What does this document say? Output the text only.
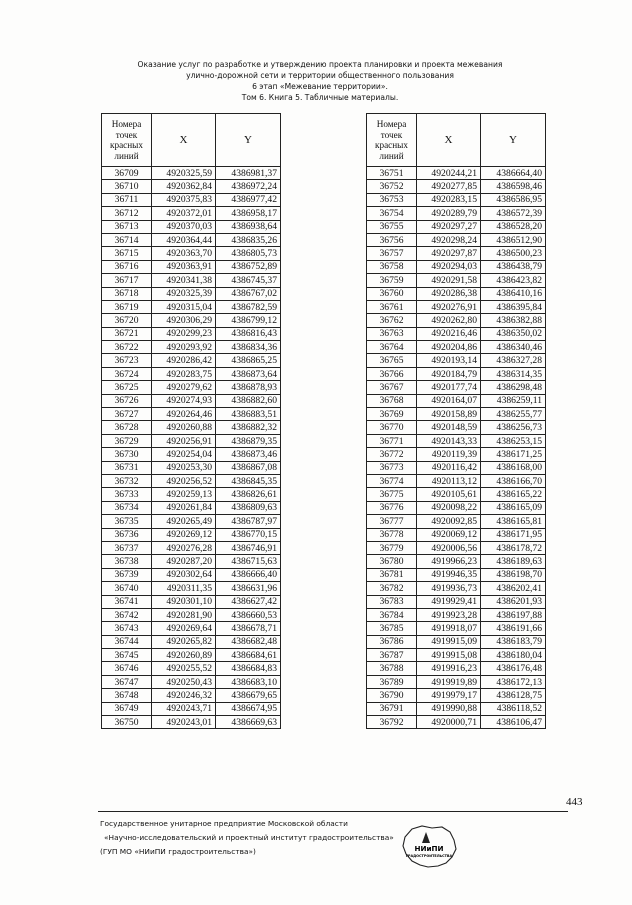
Оказание услуг по разработке и утверждению проекта планировки и проекта межевания
улично-дорожной сети и территории общественного пользования
6 этап «Межевание территории».
Том 6. Книга 5. Табличные материалы.
Номера
точек
красных
линий	X	Y
36709	4920325,59	4386981,37
36710	4920362,84	4386972,24
36711	4920375,83	4386977,42
36712	4920372,01	4386958,17
36713	4920370,03	4386938,64
36714	4920364,44	4386835,26
36715	4920363,70	4386805,73
36716	4920363,91	4386752,89
36717	4920341,38	4386745,37
36718	4920325,39	4386767,02
36719	4920315,04	4386782,59
36720	4920306,29	4386799,12
36721	4920299,23	4386816,43
36722	4920293,92	4386834,36
36723	4920286,42	4386865,25
36724	4920283,75	4386873,64
36725	4920279,62	4386878,93
36726	4920274,93	4386882,60
36727	4920264,46	4386883,51
36728	4920260,88	4386882,32
36729	4920256,91	4386879,35
36730	4920254,04	4386873,46
36731	4920253,30	4386867,08
36732	4920256,52	4386845,35
36733	4920259,13	4386826,61
36734	4920261,84	4386809,63
36735	4920265,49	4386787,97
36736	4920269,12	4386770,15
36737	4920276,28	4386746,91
36738	4920287,20	4386715,63
36739	4920302,64	4386666,40
36740	4920311,35	4386631,96
36741	4920301,10	4386627,42
36742	4920281,90	4386660,53
36743	4920269,64	4386678,71
36744	4920265,82	4386682,48
36745	4920260,89	4386684,61
36746	4920255,52	4386684,83
36747	4920250,43	4386683,10
36748	4920246,32	4386679,65
36749	4920243,71	4386674,95
36750	4920243,01	4386669,63
Номера
точек
красных
линий	X	Y
36751	4920244,21	4386664,40
36752	4920277,85	4386598,46
36753	4920283,15	4386586,95
36754	4920289,79	4386572,39
36755	4920297,27	4386528,20
36756	4920298,24	4386512,90
36757	4920297,87	4386500,23
36758	4920294,03	4386438,79
36759	4920291,58	4386423,82
36760	4920286,38	4386410,16
36761	4920276,91	4386395,84
36762	4920262,80	4386382,88
36763	4920216,46	4386350,02
36764	4920204,86	4386340,46
36765	4920193,14	4386327,28
36766	4920184,79	4386314,35
36767	4920177,74	4386298,48
36768	4920164,07	4386259,11
36769	4920158,89	4386255,77
36770	4920148,59	4386256,73
36771	4920143,33	4386253,15
36772	4920119,39	4386171,25
36773	4920116,42	4386168,00
36774	4920113,12	4386166,70
36775	4920105,61	4386165,22
36776	4920098,22	4386165,09
36777	4920092,85	4386165,81
36778	4920069,12	4386171,95
36779	4920006,56	4386178,72
36780	4919966,23	4386189,63
36781	4919946,35	4386198,70
36782	4919936,73	4386202,41
36783	4919929,41	4386201,93
36784	4919923,28	4386197,88
36785	4919918,07	4386191,66
36786	4919915,09	4386183,79
36787	4919915,08	4386180,04
36788	4919916,23	4386176,48
36789	4919919,89	4386172,13
36790	4919979,17	4386128,75
36791	4919990,88	4386118,52
36792	4920000,71	4386106,47
443
Государственное унитарное предприятие Московской области
«Научно-исследовательский и проектный институт градостроительства»
(ГУП МО «НИиПИ градостроительства»)	НИиПИ
ГРАДОСТРОИТЕЛЬСТВА
